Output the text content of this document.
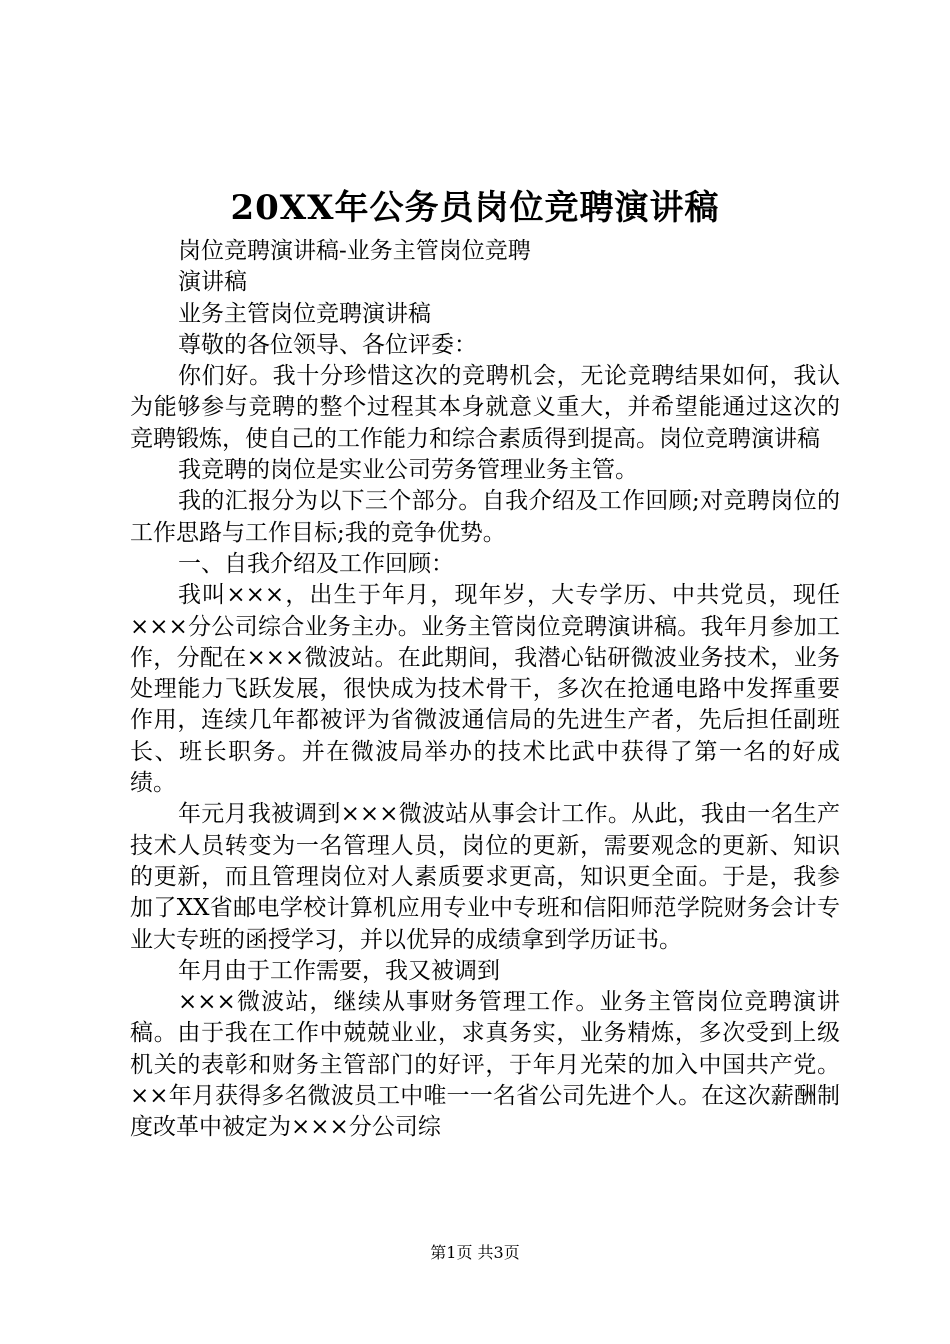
20XX年公务员岗位竞聘演讲稿

岗位竞聘演讲稿-业务主管岗位竞聘

演讲稿

业务主管岗位竞聘演讲稿

尊敬的各位领导、各位评委：

你们好。我十分珍惜这次的竞聘机会，无论竞聘结果如何，我认为能够参与竞聘的整个过程其本身就意义重大，并希望能通过这次的竞聘锻炼，使自己的工作能力和综合素质得到提高。岗位竞聘演讲稿

我竞聘的岗位是实业公司劳务管理业务主管。

我的汇报分为以下三个部分。自我介绍及工作回顾;对竞聘岗位的工作思路与工作目标;我的竞争优势。

一、自我介绍及工作回顾：

我叫×××，出生于年月，现年岁，大专学历、中共党员，现任×××分公司综合业务主办。业务主管岗位竞聘演讲稿。我年月参加工作，分配在×××微波站。在此期间，我潜心钻研微波业务技术，业务处理能力飞跃发展，很快成为技术骨干，多次在抢通电路中发挥重要作用，连续几年都被评为省微波通信局的先进生产者，先后担任副班长、班长职务。并在微波局举办的技术比武中获得了第一名的好成绩。

年元月我被调到×××微波站从事会计工作。从此，我由一名生产技术人员转变为一名管理人员，岗位的更新，需要观念的更新、知识的更新，而且管理岗位对人素质要求更高，知识更全面。于是，我参加了XX省邮电学校计算机应用专业中专班和信阳师范学院财务会计专业大专班的函授学习，并以优异的成绩拿到学历证书。

年月由于工作需要，我又被调到

×××微波站，继续从事财务管理工作。业务主管岗位竞聘演讲稿。由于我在工作中兢兢业业，求真务实，业务精炼，多次受到上级机关的表彰和财务主管部门的好评，于年月光荣的加入中国共产党。××年月获得多名微波员工中唯一一名省公司先进个人。在这次薪酬制度改革中被定为×××分公司综

第1页 共3页
